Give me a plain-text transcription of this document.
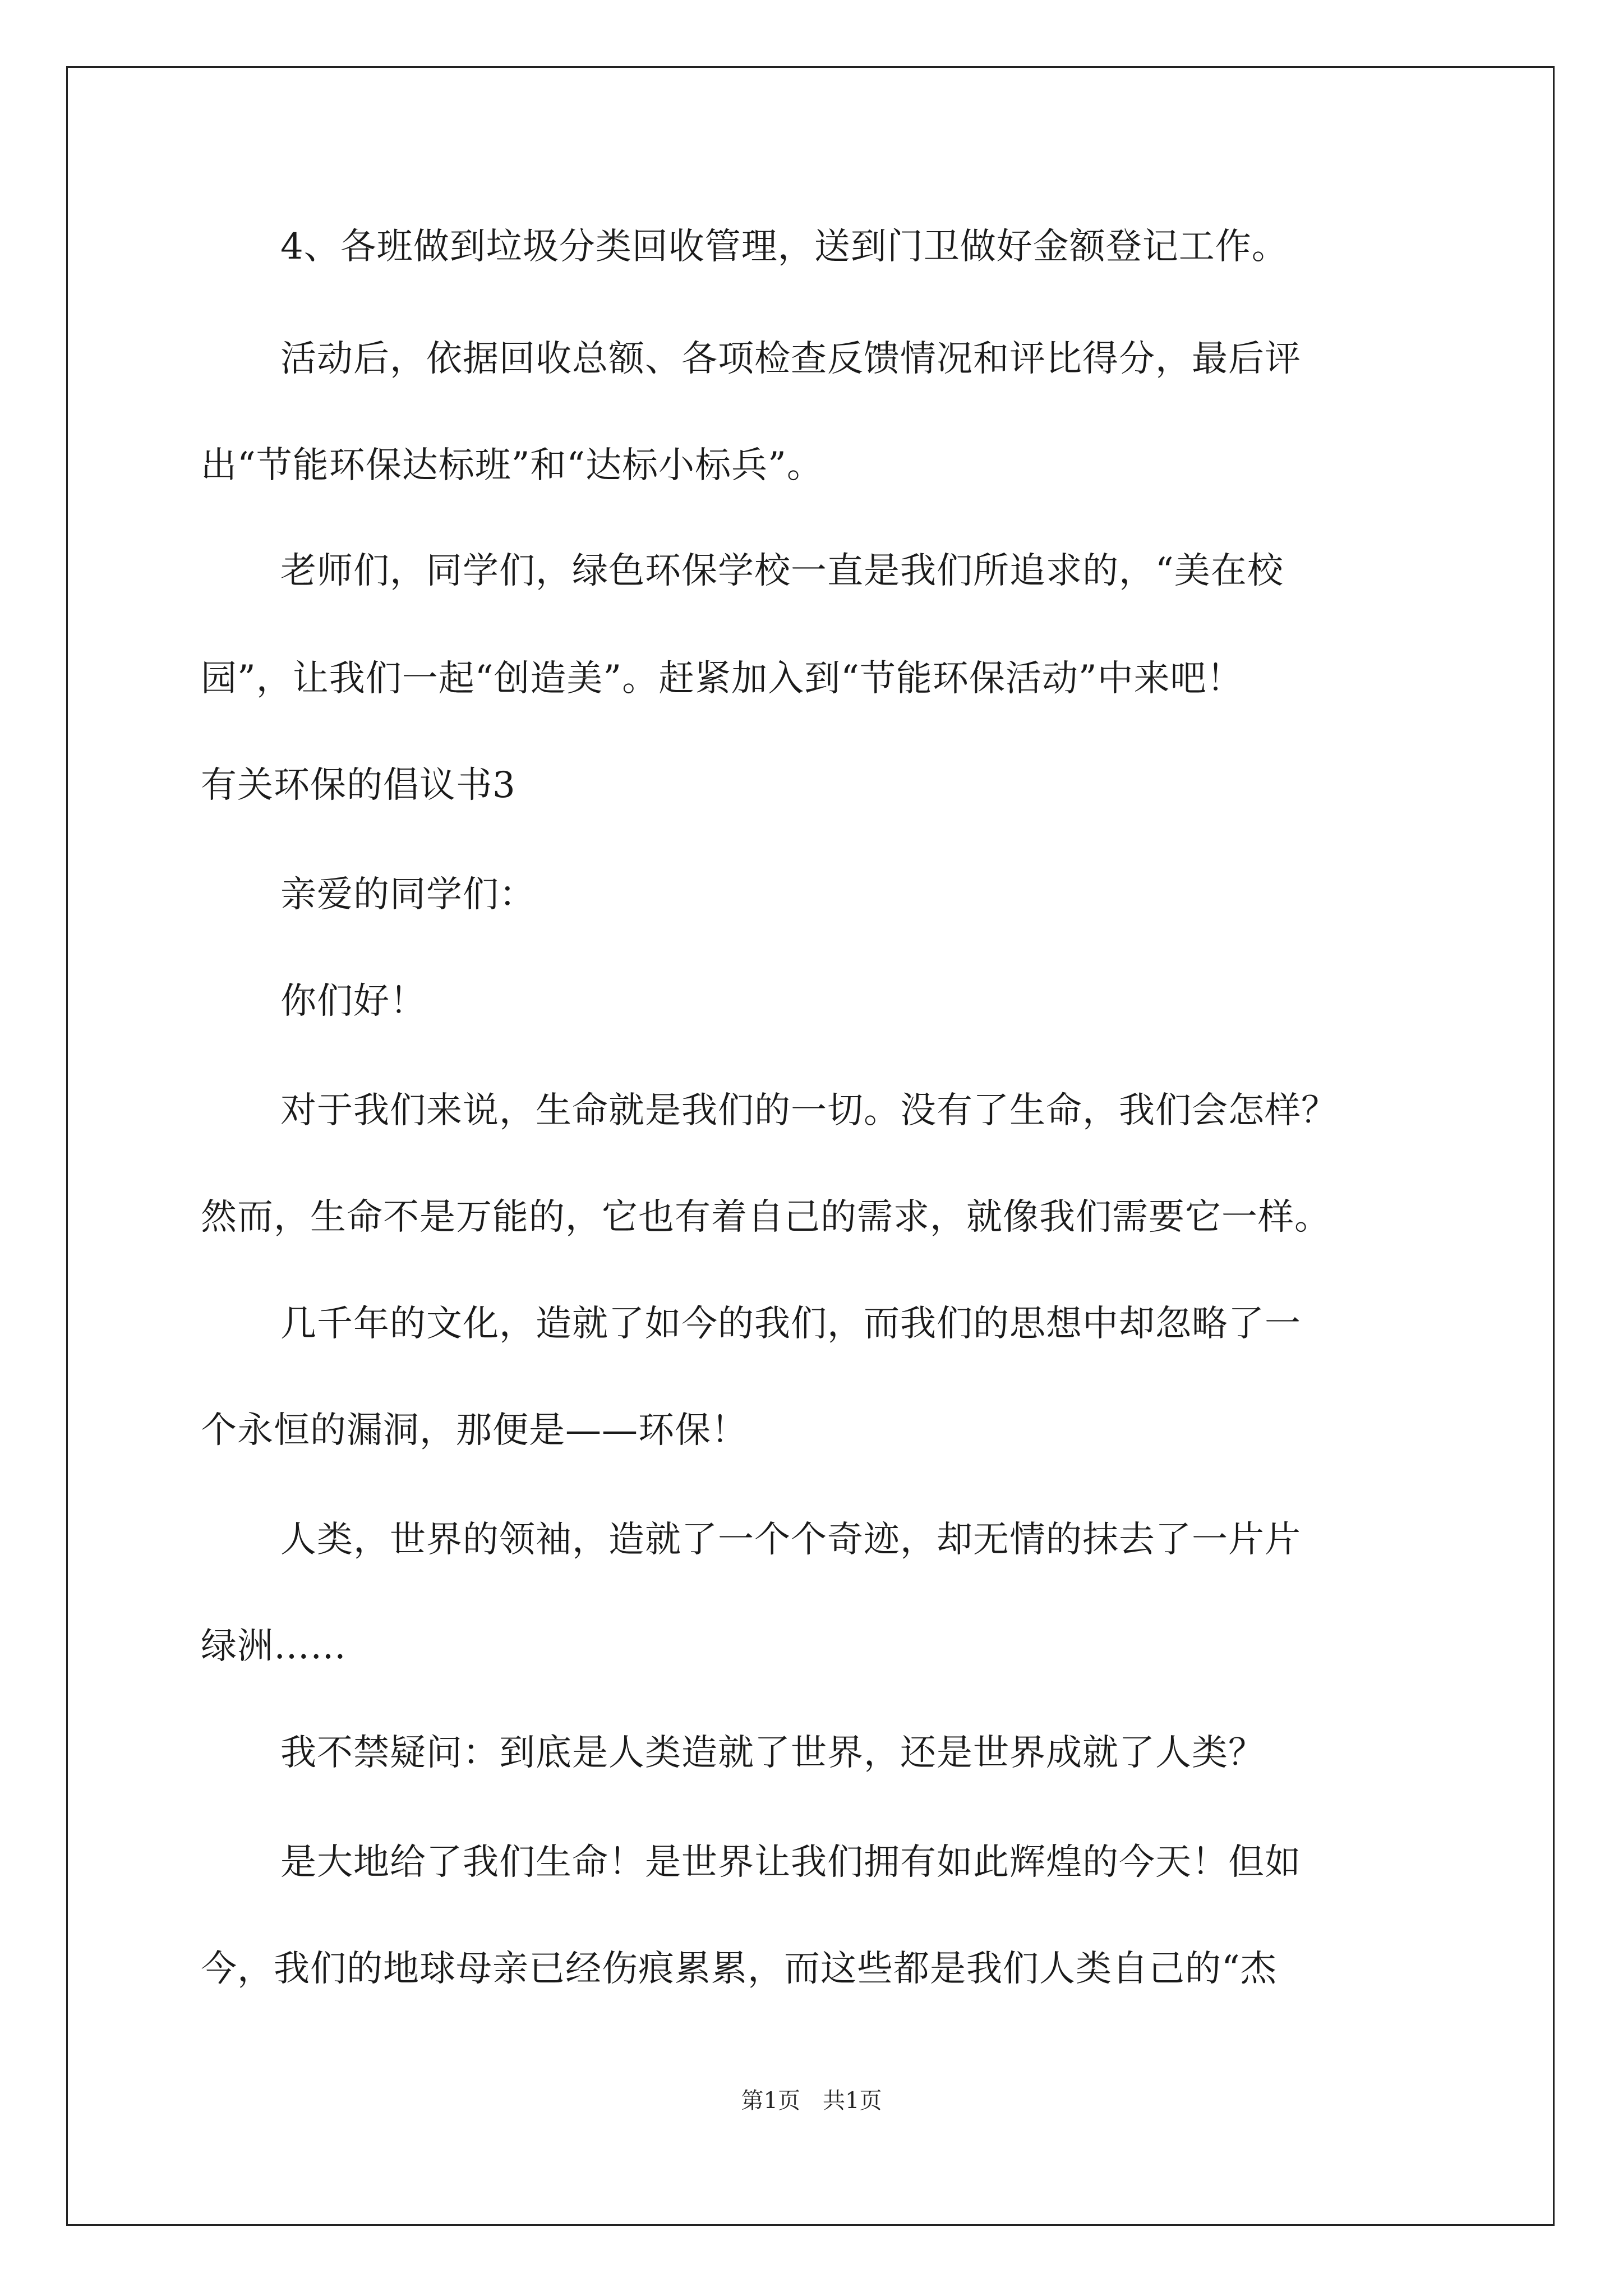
4、各班做到垃圾分类回收管理，送到门卫做好金额登记工作。
活动后，依据回收总额、各项检查反馈情况和评比得分，最后评
出“节能环保达标班”和“达标小标兵”。
老师们，同学们，绿色环保学校一直是我们所追求的，“美在校
园”，让我们一起“创造美”。赶紧加入到“节能环保活动”中来吧！
有关环保的倡议书3
亲爱的同学们：
你们好！
对于我们来说，生命就是我们的一切。没有了生命，我们会怎样？
然而，生命不是万能的，它也有着自己的需求，就像我们需要它一样。
几千年的文化，造就了如今的我们，而我们的思想中却忽略了一
个永恒的漏洞，那便是——环保！
人类，世界的领袖，造就了一个个奇迹，却无情的抹去了一片片
绿洲……
我不禁疑问：到底是人类造就了世界，还是世界成就了人类？
是大地给了我们生命！是世界让我们拥有如此辉煌的今天！但如
今，我们的地球母亲已经伤痕累累，而这些都是我们人类自己的“杰
第1页　共1页
